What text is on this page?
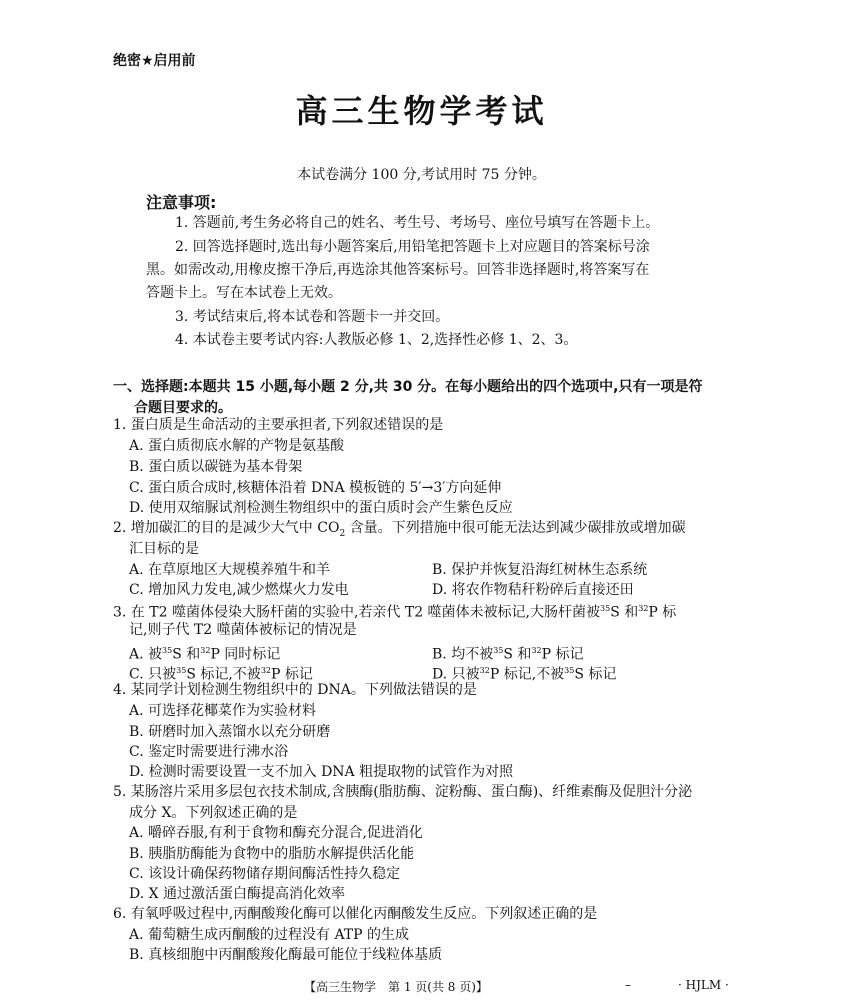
绝密★启用前
高三生物学考试
本试卷满分 100 分,考试用时 75 分钟。
注意事项:
1. 答题前,考生务必将自己的姓名、考生号、考场号、座位号填写在答题卡上。
2. 回答选择题时,选出每小题答案后,用铅笔把答题卡上对应题目的答案标号涂
黑。如需改动,用橡皮擦干净后,再选涂其他答案标号。回答非选择题时,将答案写在
答题卡上。写在本试卷上无效。
3. 考试结束后,将本试卷和答题卡一并交回。
4. 本试卷主要考试内容:人教版必修 1、2,选择性必修 1、2、3。
一、选择题:本题共 15 小题,每小题 2 分,共 30 分。在每小题给出的四个选项中,只有一项是符
合题目要求的。
1. 蛋白质是生命活动的主要承担者,下列叙述错误的是
A. 蛋白质彻底水解的产物是氨基酸
B. 蛋白质以碳链为基本骨架
C. 蛋白质合成时,核糖体沿着 DNA 模板链的 5′→3′方向延伸
D. 使用双缩脲试剂检测生物组织中的蛋白质时会产生紫色反应
2. 增加碳汇的目的是减少大气中 $CO_2$ 含量。下列措施中很可能无法达到减少碳排放或增加碳
汇目标的是
A. 在草原地区大规模养殖牛和羊	B. 保护并恢复沿海红树林生态系统
C. 增加风力发电,减少燃煤火力发电	D. 将农作物秸秆粉碎后直接还田
3. 在 T2 噬菌体侵染大肠杆菌的实验中,若亲代 T2 噬菌体未被标记,大肠杆菌被$^{35}$S 和$^{32}$P 标
记,则子代 T2 噬菌体被标记的情况是
A. 被$^{35}$S 和$^{32}$P 同时标记	B. 均不被$^{35}$S 和$^{32}$P 标记
C. 只被$^{35}$S 标记,不被$^{32}$P 标记	D. 只被$^{32}$P 标记,不被$^{35}$S 标记
4. 某同学计划检测生物组织中的 DNA。下列做法错误的是
A. 可选择花椰菜作为实验材料
B. 研磨时加入蒸馏水以充分研磨
C. 鉴定时需要进行沸水浴
D. 检测时需要设置一支不加入 DNA 粗提取物的试管作为对照
5. 某肠溶片采用多层包衣技术制成,含胰酶(脂肪酶、淀粉酶、蛋白酶)、纤维素酶及促胆汁分泌
成分 X。下列叙述正确的是
A. 嚼碎吞服,有利于食物和酶充分混合,促进消化
B. 胰脂肪酶能为食物中的脂肪水解提供活化能
C. 该设计确保药物储存期间酶活性持久稳定
D. X 通过激活蛋白酶提高消化效率
6. 有氧呼吸过程中,丙酮酸羧化酶可以催化丙酮酸发生反应。下列叙述正确的是
A. 葡萄糖生成丙酮酸的过程没有 ATP 的生成
B. 真核细胞中丙酮酸羧化酶最可能位于线粒体基质
【高三生物学　第 1 页(共 8 页)】	–	· HJLM ·
